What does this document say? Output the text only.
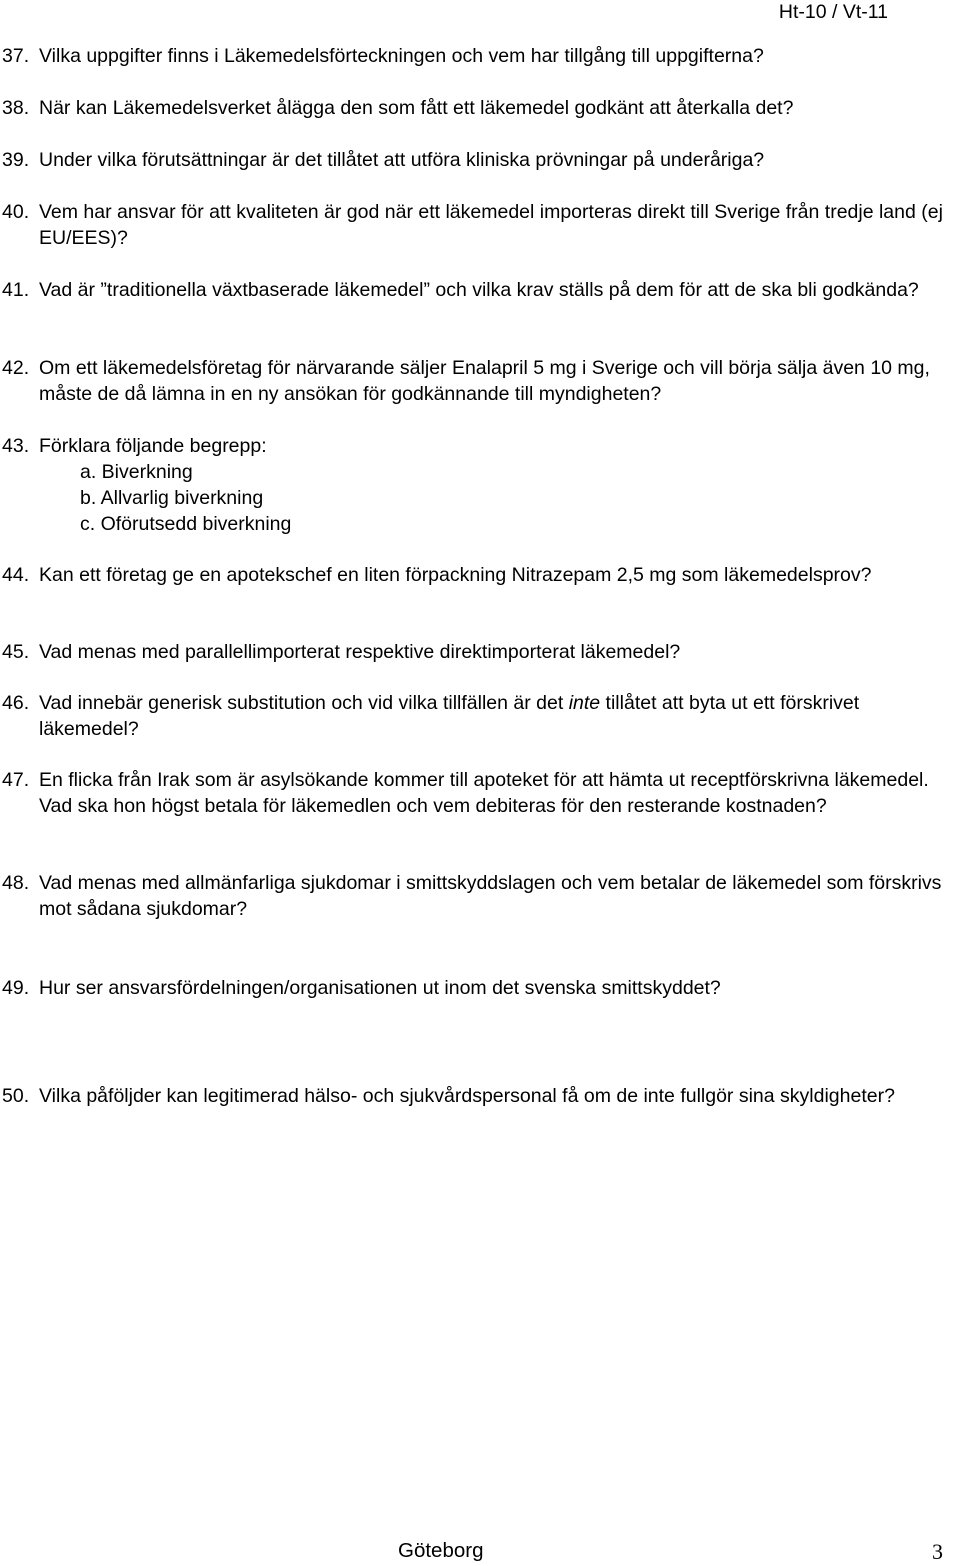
Ht-10 / Vt-11
37. Vilka uppgifter finns i Läkemedelsförteckningen och vem har tillgång till uppgifterna?
38. När kan Läkemedelsverket ålägga den som fått ett läkemedel godkänt att återkalla det?
39. Under vilka förutsättningar är det tillåtet att utföra kliniska prövningar på underåriga?
40. Vem har ansvar för att kvaliteten är god när ett läkemedel importeras direkt till Sverige från tredje land (ej EU/EES)?
41. Vad är ”traditionella växtbaserade läkemedel” och vilka krav ställs på dem för att de ska bli godkända?
42. Om ett läkemedelsföretag för närvarande säljer Enalapril 5 mg i Sverige och vill börja sälja även 10 mg, måste de då lämna in en ny ansökan för godkännande till myndigheten?
43. Förklara följande begrepp:
a. Biverkning
b. Allvarlig biverkning
c. Oförutsedd biverkning
44. Kan ett företag ge en apotekschef en liten förpackning Nitrazepam 2,5 mg som läkemedelsprov?
45. Vad menas med parallellimporterat respektive direktimporterat läkemedel?
46. Vad innebär generisk substitution och vid vilka tillfällen är det inte tillåtet att byta ut ett förskrivet läkemedel?
47. En flicka från Irak som är asylsökande kommer till apoteket för att hämta ut receptförskrivna läkemedel. Vad ska hon högst betala för läkemedlen och vem debiteras för den resterande kostnaden?
48. Vad menas med allmänfarliga sjukdomar i smittskyddslagen och vem betalar de läkemedel som förskrivs mot sådana sjukdomar?
49. Hur ser ansvarsfördelningen/organisationen ut inom det svenska smittskyddet?
50. Vilka påföljder kan legitimerad hälso- och sjukvårdspersonal få om de inte fullgör sina skyldigheter?
Göteborg	3
